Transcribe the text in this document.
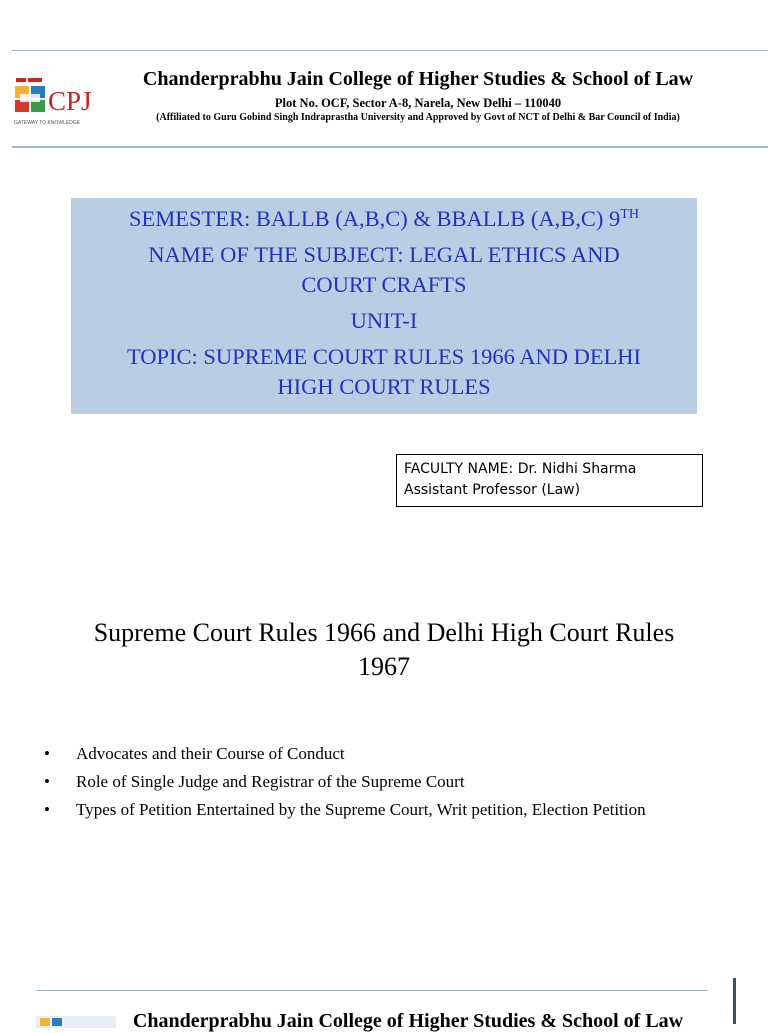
CPJ
GATEWAY TO KNOWLEDGE
Chanderprabhu Jain College of Higher Studies & School of Law
Plot No. OCF, Sector A-8, Narela, New Delhi – 110040
(Affiliated to Guru Gobind Singh Indraprastha University and Approved by Govt of NCT of Delhi & Bar Council of India)
SEMESTER: BALLB (A,B,C) & BBALLB (A,B,C) 9TH
NAME OF THE SUBJECT: LEGAL ETHICS AND
COURT CRAFTS
UNIT-I
TOPIC: SUPREME COURT RULES 1966 AND DELHI
HIGH COURT RULES
FACULTY NAME: Dr. Nidhi Sharma
Assistant Professor (Law)
Supreme Court Rules 1966 and Delhi High Court Rules
1967
• Advocates and their Course of Conduct
• Role of Single Judge and Registrar of the Supreme Court
• Types of Petition Entertained by the Supreme Court, Writ petition, Election Petition
Chanderprabhu Jain College of Higher Studies & School of Law
